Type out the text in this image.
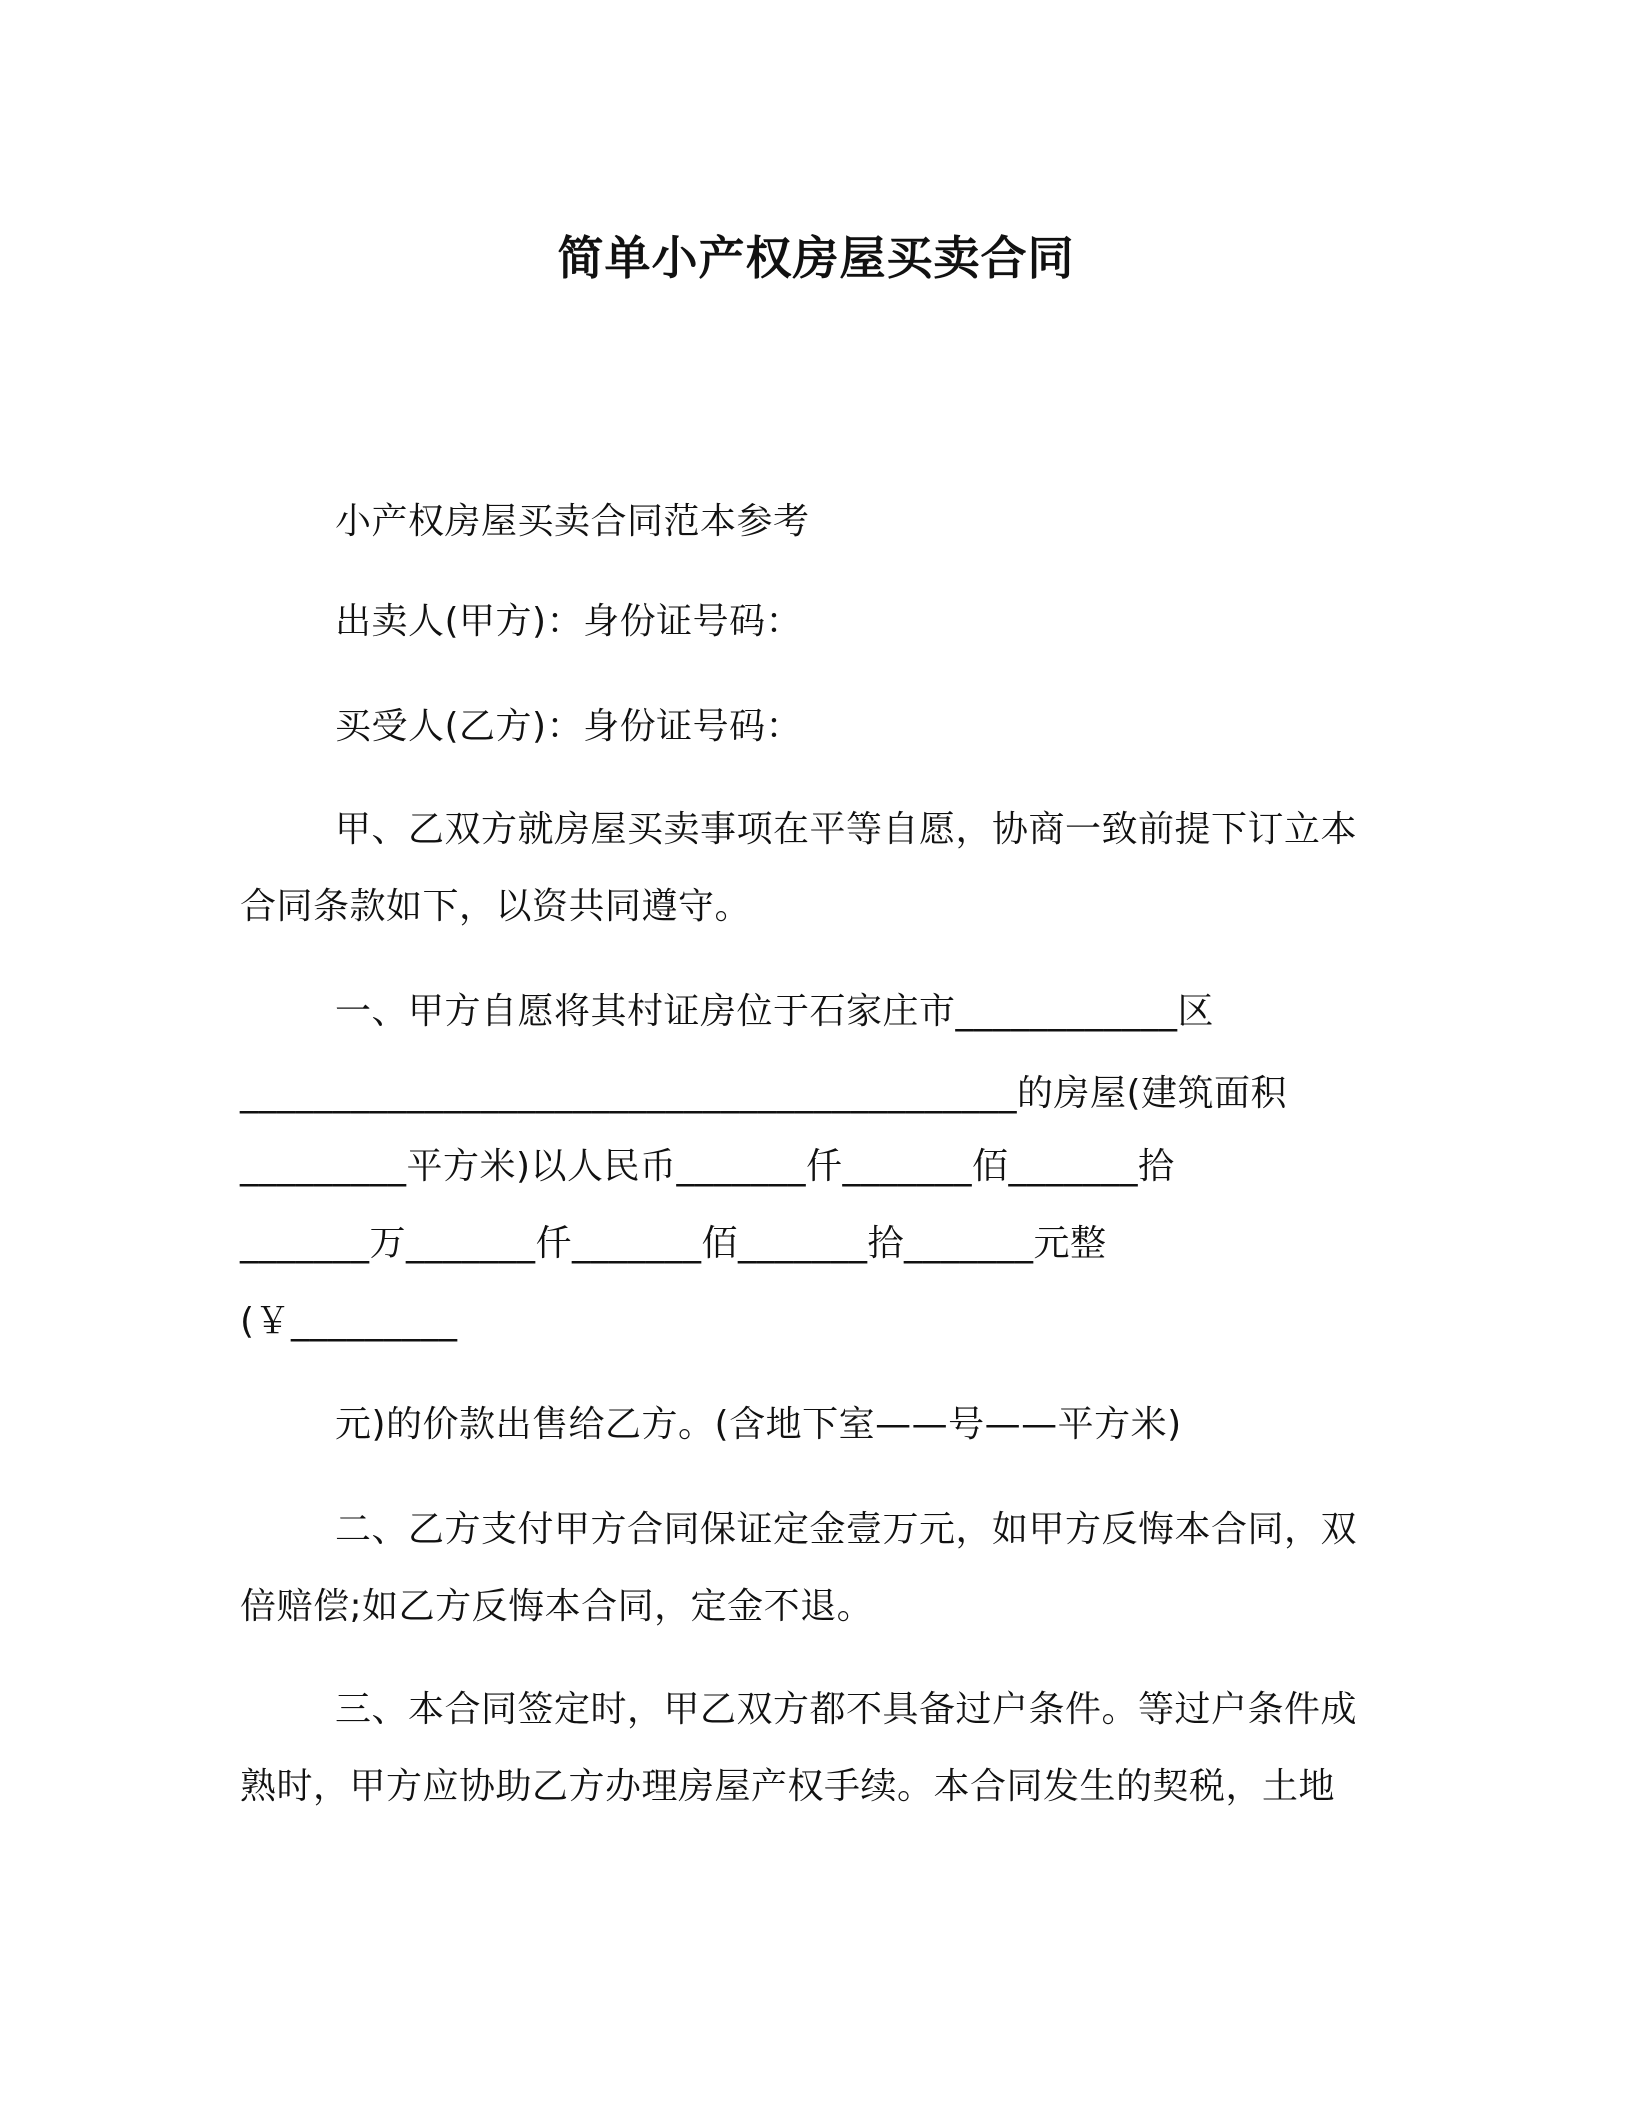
简单小产权房屋买卖合同
小产权房屋买卖合同范本参考
出卖人(甲方)：身份证号码：
买受人(乙方)：身份证号码：
甲、乙双方就房屋买卖事项在平等自愿，协商一致前提下订立本
合同条款如下，以资共同遵守。
一、甲方自愿将其村证房位于石家庄市____________区
__________________________________________的房屋(建筑面积
_________平方米)以人民币_______仟_______佰_______拾
_______万_______仟_______佰_______拾_______元整
(￥_________
元)的价款出售给乙方。(含地下室——号——平方米)
二、乙方支付甲方合同保证定金壹万元，如甲方反悔本合同，双
倍赔偿;如乙方反悔本合同，定金不退。
三、本合同签定时，甲乙双方都不具备过户条件。等过户条件成
熟时，甲方应协助乙方办理房屋产权手续。本合同发生的契税，土地
